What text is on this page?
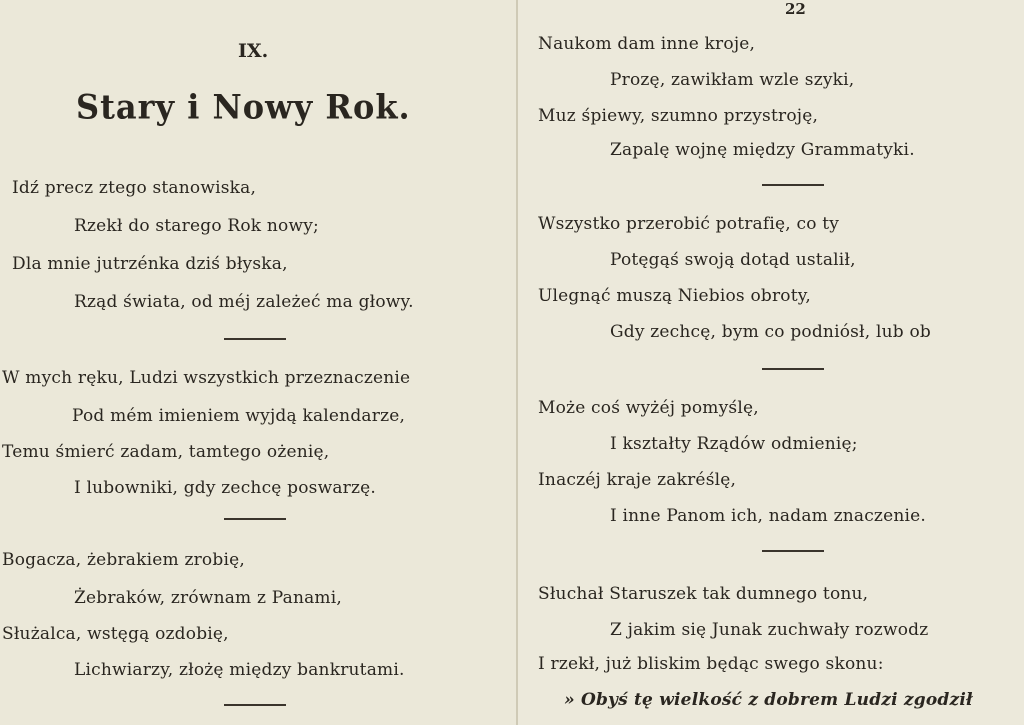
IX.
Stary i Nowy Rok.
Idź precz ztego stanowiska,
Rzekł do starego Rok nowy;
Dla mnie jutrzénka dziś błyska,
Rząd świata, od méj zależeć ma głowy.
W mych ręku, Ludzi wszystkich przeznaczenie
Pod mém imieniem wyjdą kalendarze,
Temu śmierć zadam, tamtego ożenię,
I lubowniki, gdy zechcę poswarzę.
Bogacza, żebrakiem zrobię,
Żebraków, zrównam z Panami,
Służalca, wstęgą ozdobię,
Lichwiarzy, złożę między bankrutami.
22
Naukom dam inne kroje,
Prozę, zawikłam wzle szyki,
Muz śpiewy, szumno przystroję,
Zapalę wojnę między Grammatyki.
Wszystko przerobić potrafię, co ty
Potęgąś swoją dotąd ustalił,
Ulegnąć muszą Niebios obroty,
Gdy zechcę, bym co podniósł, lub ob
Może coś wyżéj pomyślę,
I kształty Rządów odmienię;
Inaczéj kraje zakréślę,
I inne Panom ich, nadam znaczenie.
Słuchał Staruszek tak dumnego tonu,
Z jakim się Junak zuchwały rozwodz
I rzekł, już bliskim będąc swego skonu:
» Obyś tę wielkość z dobrem Ludzi zgodził
